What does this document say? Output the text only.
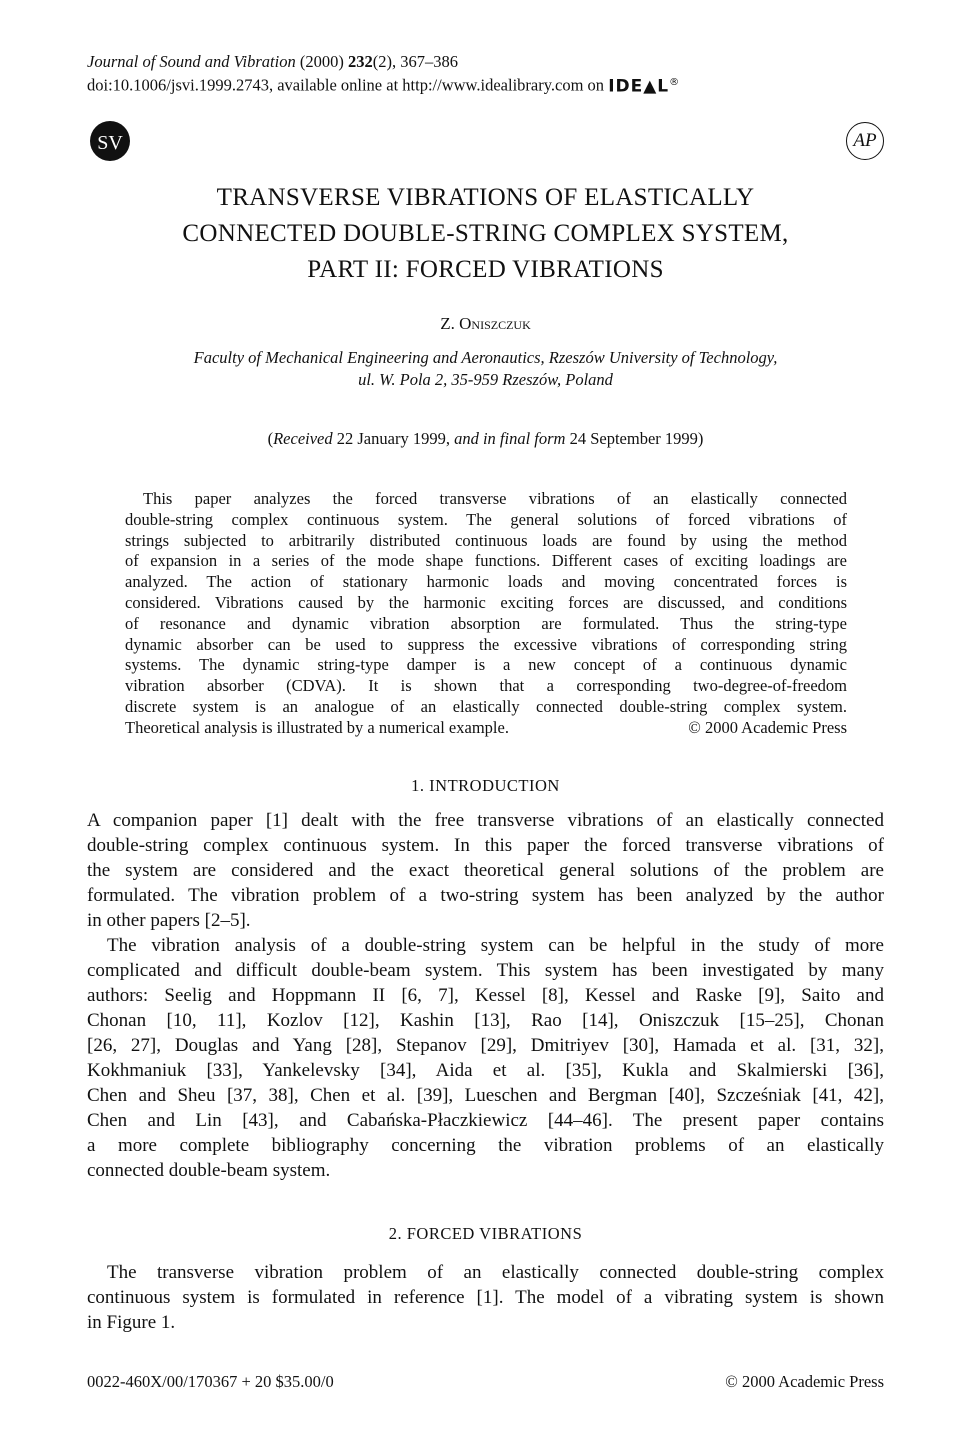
Journal of Sound and Vibration (2000) 232(2), 367–386
doi:10.1006/jsvi.1999.2743, available online at http://www.idealibrary.com on IDE▲L®
SV	AP
TRANSVERSE VIBRATIONS OF ELASTICALLY
CONNECTED DOUBLE-STRING COMPLEX SYSTEM,
PART II: FORCED VIBRATIONS
Z. Oniszczuk
Faculty of Mechanical Engineering and Aeronautics, Rzeszów University of Technology,
ul. W. Pola 2, 35-959 Rzeszów, Poland
(Received 22 January 1999, and in final form 24 September 1999)
This paper analyzes the forced transverse vibrations of an elastically connected
double-string complex continuous system. The general solutions of forced vibrations of
strings subjected to arbitrarily distributed continuous loads are found by using the method
of expansion in a series of the mode shape functions. Different cases of exciting loadings are
analyzed. The action of stationary harmonic loads and moving concentrated forces is
considered. Vibrations caused by the harmonic exciting forces are discussed, and conditions
of resonance and dynamic vibration absorption are formulated. Thus the string-type
dynamic absorber can be used to suppress the excessive vibrations of corresponding string
systems. The dynamic string-type damper is a new concept of a continuous dynamic
vibration absorber (CDVA). It is shown that a corresponding two-degree-of-freedom
discrete system is an analogue of an elastically connected double-string complex system.
Theoretical analysis is illustrated by a numerical example.	© 2000 Academic Press
1. INTRODUCTION
A companion paper [1] dealt with the free transverse vibrations of an elastically connected
double-string complex continuous system. In this paper the forced transverse vibrations of
the system are considered and the exact theoretical general solutions of the problem are
formulated. The vibration problem of a two-string system has been analyzed by the author
in other papers [2–5].
The vibration analysis of a double-string system can be helpful in the study of more
complicated and difficult double-beam system. This system has been investigated by many
authors: Seelig and Hoppmann II [6, 7], Kessel [8], Kessel and Raske [9], Saito and
Chonan [10, 11], Kozlov [12], Kashin [13], Rao [14], Oniszczuk [15–25], Chonan
[26, 27], Douglas and Yang [28], Stepanov [29], Dmitriyev [30], Hamada et al. [31, 32],
Kokhmaniuk [33], Yankelevsky [34], Aida et al. [35], Kukla and Skalmierski [36],
Chen and Sheu [37, 38], Chen et al. [39], Lueschen and Bergman [40], Szcześniak [41, 42],
Chen and Lin [43], and Cabańska-Płaczkiewicz [44–46]. The present paper contains
a more complete bibliography concerning the vibration problems of an elastically
connected double-beam system.
2. FORCED VIBRATIONS
The transverse vibration problem of an elastically connected double-string complex
continuous system is formulated in reference [1]. The model of a vibrating system is shown
in Figure 1.
0022-460X/00/170367 + 20 $35.00/0	© 2000 Academic Press
